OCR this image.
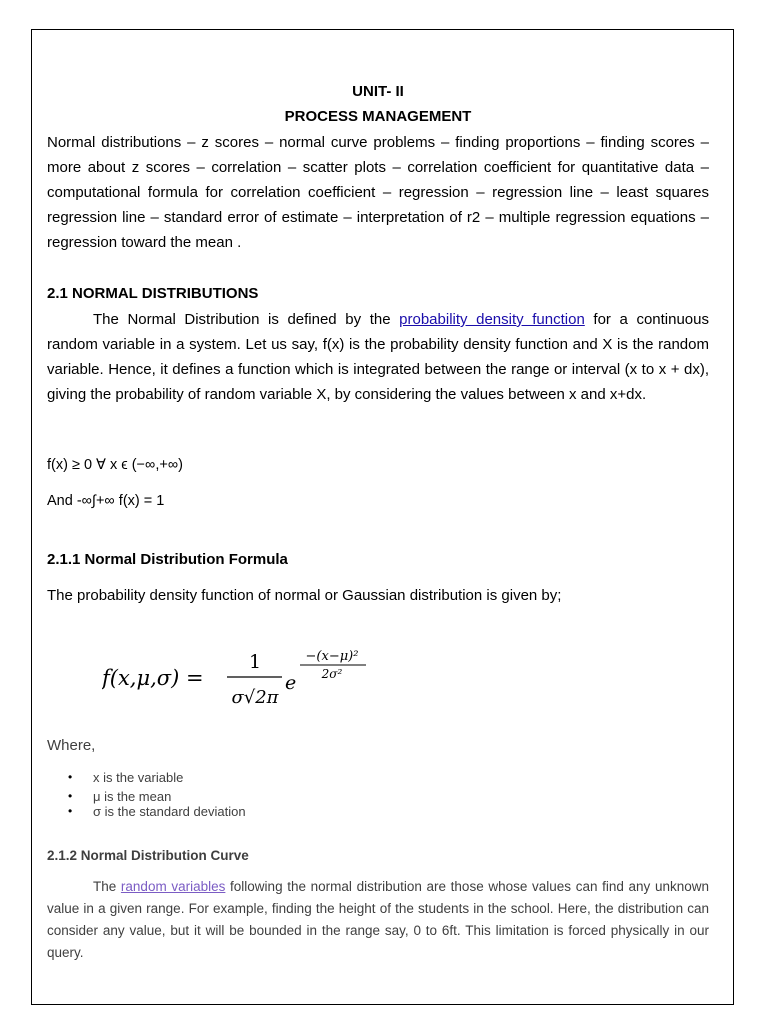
UNIT- II
PROCESS MANAGEMENT
Normal distributions – z scores – normal curve problems – finding proportions – finding scores – more about z scores – correlation – scatter plots – correlation coefficient for quantitative data – computational formula for correlation coefficient – regression – regression line – least squares regression line – standard error of estimate – interpretation of r2 – multiple regression equations – regression toward the mean .
2.1 NORMAL DISTRIBUTIONS
The Normal Distribution is defined by the probability density function for a continuous random variable in a system. Let us say, f(x) is the probability density function and X is the random variable. Hence, it defines a function which is integrated between the range or interval (x to x + dx), giving the probability of random variable X, by considering the values between x and x+dx.
f(x) ≥ 0 ∀ x ϵ (−∞,+∞)
And -∞∫+∞ f(x) = 1
2.1.1 Normal Distribution Formula
The probability density function of normal or Gaussian distribution is given by;
f(x,μ,σ) =
1
σ√2π
e
−(x−μ)²
2σ²
Where,
• x is the variable
• μ is the mean
• σ is the standard deviation
2.1.2 Normal Distribution Curve
The random variables following the normal distribution are those whose values can find any unknown value in a given range. For example, finding the height of the students in the school. Here, the distribution can consider any value, but it will be bounded in the range say, 0 to 6ft. This limitation is forced physically in our query.
